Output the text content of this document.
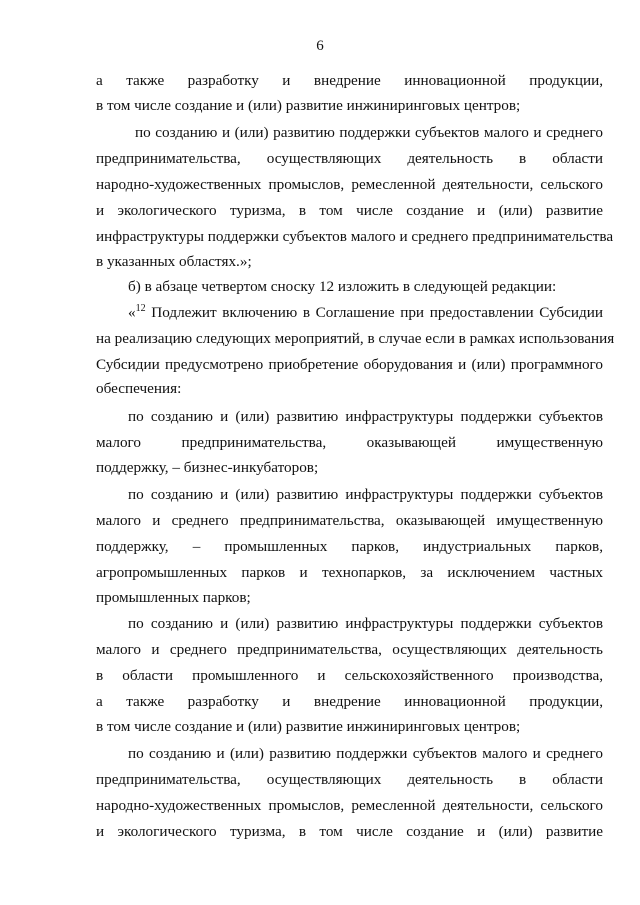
6
а также разработку и внедрение инновационной продукции,
в том числе создание и (или) развитие инжиниринговых центров;
по созданию и (или) развитию поддержки субъектов малого и среднего
предпринимательства, осуществляющих деятельность в области
народно-художественных промыслов, ремесленной деятельности, сельского
и экологического туризма, в том числе создание и (или) развитие
инфраструктуры поддержки субъектов малого и среднего предпринимательства
в указанных областях.»;
б) в абзаце четвертом сноску 12 изложить в следующей редакции:
«$^{12}$ Подлежит включению в Соглашение при предоставлении Субсидии
на реализацию следующих мероприятий, в случае если в рамках использования
Субсидии предусмотрено приобретение оборудования и (или) программного
обеспечения:
по созданию и (или) развитию инфраструктуры поддержки субъектов
малого предпринимательства, оказывающей имущественную
поддержку, – бизнес-инкубаторов;
по созданию и (или) развитию инфраструктуры поддержки субъектов
малого и среднего предпринимательства, оказывающей имущественную
поддержку, – промышленных парков, индустриальных парков,
агропромышленных парков и технопарков, за исключением частных
промышленных парков;
по созданию и (или) развитию инфраструктуры поддержки субъектов
малого и среднего предпринимательства, осуществляющих деятельность
в области промышленного и сельскохозяйственного производства,
а также разработку и внедрение инновационной продукции,
в том числе создание и (или) развитие инжиниринговых центров;
по созданию и (или) развитию поддержки субъектов малого и среднего
предпринимательства, осуществляющих деятельность в области
народно-художественных промыслов, ремесленной деятельности, сельского
и экологического туризма, в том числе создание и (или) развитие
